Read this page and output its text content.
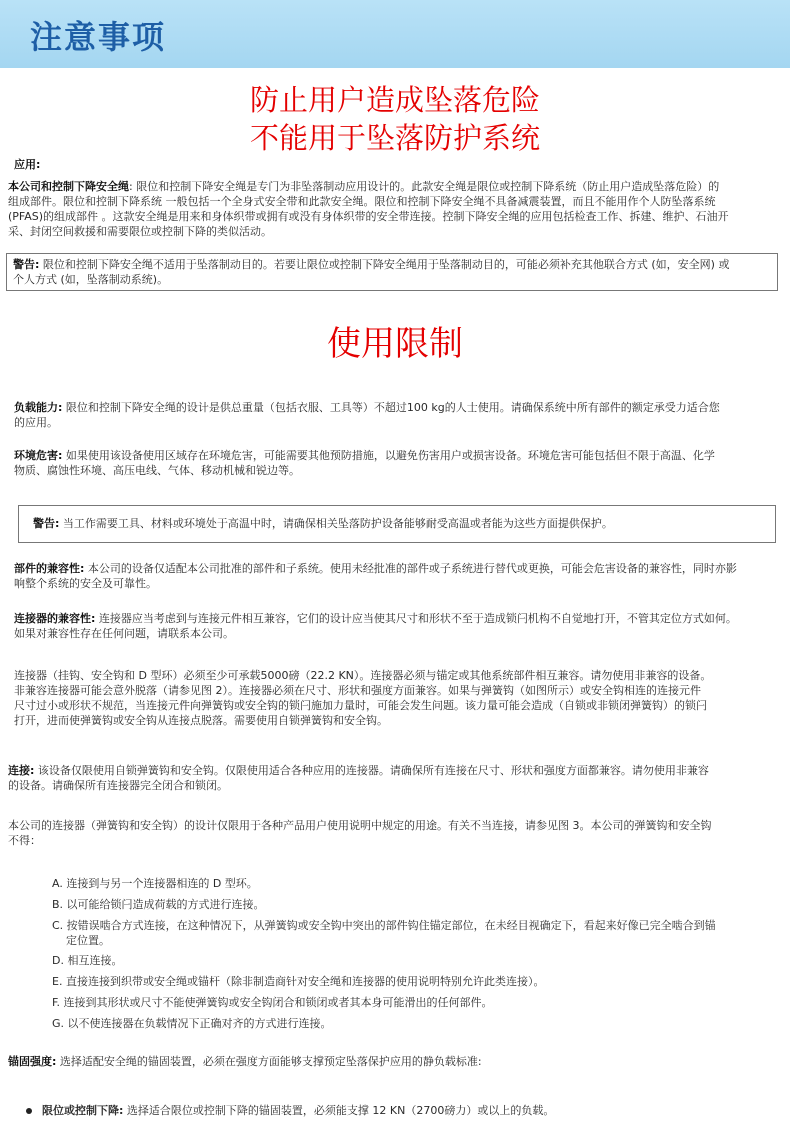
注意事项
防止用户造成坠落危险
不能用于坠落防护系统
应用:
本公司和控制下降安全绳: 限位和控制下降安全绳是专门为非坠落制动应用设计的。此款安全绳是限位或控制下降系统（防止用户造成坠落危险）的
组成部件。限位和控制下降系统 一般包括一个全身式安全带和此款安全绳。限位和控制下降安全绳不具备减震装置，而且不能用作个人防坠落系统
(PFAS)的组成部件 。这款安全绳是用来和身体织带或拥有或没有身体织带的安全带连接。控制下降安全绳的应用包括检查工作、拆建、维护、石油开
采、封闭空间救援和需要限位或控制下降的类似活动。
警告: 限位和控制下降安全绳不适用于坠落制动目的。若要让限位或控制下降安全绳用于坠落制动目的，可能必须补充其他联合方式 (如，安全网) 或
个人方式 (如，坠落制动系统)。
使用限制
负载能力: 限位和控制下降安全绳的设计是供总重量（包括衣服、工具等）不超过100 kg的人士使用。请确保系统中所有部件的额定承受力适合您
的应用。
环境危害: 如果使用该设备使用区域存在环境危害，可能需要其他预防措施，以避免伤害用户或损害设备。环境危害可能包括但不限于高温、化学
物质、腐蚀性环境、高压电线、气体、移动机械和锐边等。
警告: 当工作需要工具、材料或环境处于高温中时，请确保相关坠落防护设备能够耐受高温或者能为这些方面提供保护。
部件的兼容性: 本公司的设备仅适配本公司批准的部件和子系统。使用未经批准的部件或子系统进行替代或更换，可能会危害设备的兼容性，同时亦影
响整个系统的安全及可靠性。
连接器的兼容性: 连接器应当考虑到与连接元件相互兼容，它们的设计应当使其尺寸和形状不至于造成锁闩机构不自觉地打开，不管其定位方式如何。
如果对兼容性存在任何问题，请联系本公司。
连接器（挂钩、安全钩和 D 型环）必须至少可承载5000磅（22.2 KN）。连接器必须与锚定或其他系统部件相互兼容。请勿使用非兼容的设备。
非兼容连接器可能会意外脱落（请参见图 2）。连接器必须在尺寸、形状和强度方面兼容。如果与弹簧钩（如图所示）或安全钩相连的连接元件
尺寸过小或形状不规范，当连接元件向弹簧钩或安全钩的锁闩施加力量时，可能会发生问题。该力量可能会造成（自锁或非锁闭弹簧钩）的锁闩
打开，进而使弹簧钩或安全钩从连接点脱落。需要使用自锁弹簧钩和安全钩。
连接: 该设备仅限使用自锁弹簧钩和安全钩。仅限使用适合各种应用的连接器。请确保所有连接在尺寸、形状和强度方面都兼容。请勿使用非兼容
的设备。请确保所有连接器完全闭合和锁闭。
本公司的连接器（弹簧钩和安全钩）的设计仅限用于各种产品用户使用说明中规定的用途。有关不当连接，请参见图 3。本公司的弹簧钩和安全钩
不得：
A. 连接到与另一个连接器相连的 D 型环。
B. 以可能给锁闩造成荷载的方式进行连接。
C. 按错误啮合方式连接，在这种情况下，从弹簧钩或安全钩中突出的部件钩住锚定部位，在未经目视确定下，看起来好像已完全啮合到锚
定位置。
D. 相互连接。
E. 直接连接到织带或安全绳或锚杆（除非制造商针对安全绳和连接器的使用说明特别允许此类连接）。
F. 连接到其形状或尺寸不能使弹簧钩或安全钩闭合和锁闭或者其本身可能滑出的任何部件。
G. 以不使连接器在负载情况下正确对齐的方式进行连接。
锚固强度: 选择适配安全绳的锚固装置，必须在强度方面能够支撑预定坠落保护应用的静负载标准:
限位或控制下降: 选择适合限位或控制下降的锚固装置，必须能支撑 12 KN（2700磅力）或以上的负载。
